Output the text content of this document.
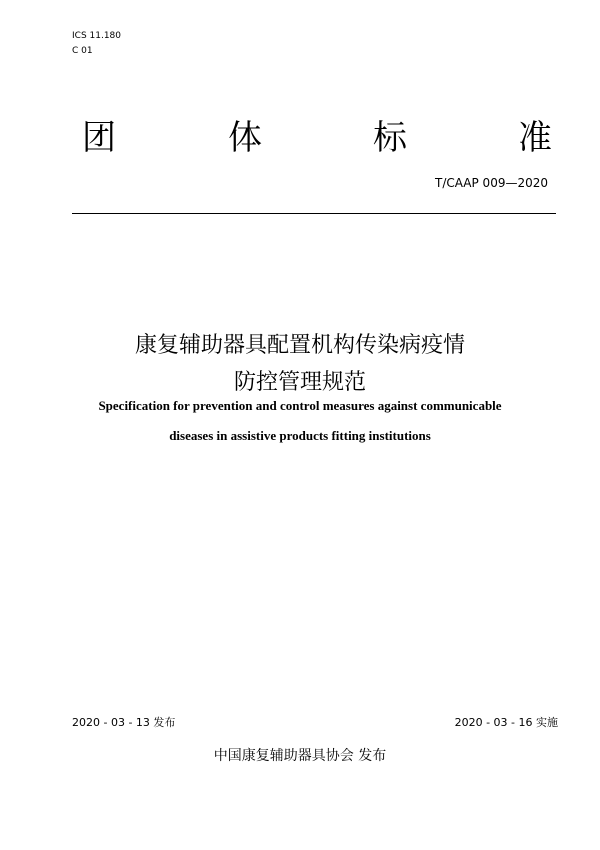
ICS 11.180
C 01
团	体	标	准
T/CAAP 009—2020
康复辅助器具配置机构传染病疫情
防控管理规范
Specification for prevention and control measures against communicable
diseases in assistive products fitting institutions
2020 - 03 - 13 发布	2020 - 03 - 16 实施
中国康复辅助器具协会 发布
